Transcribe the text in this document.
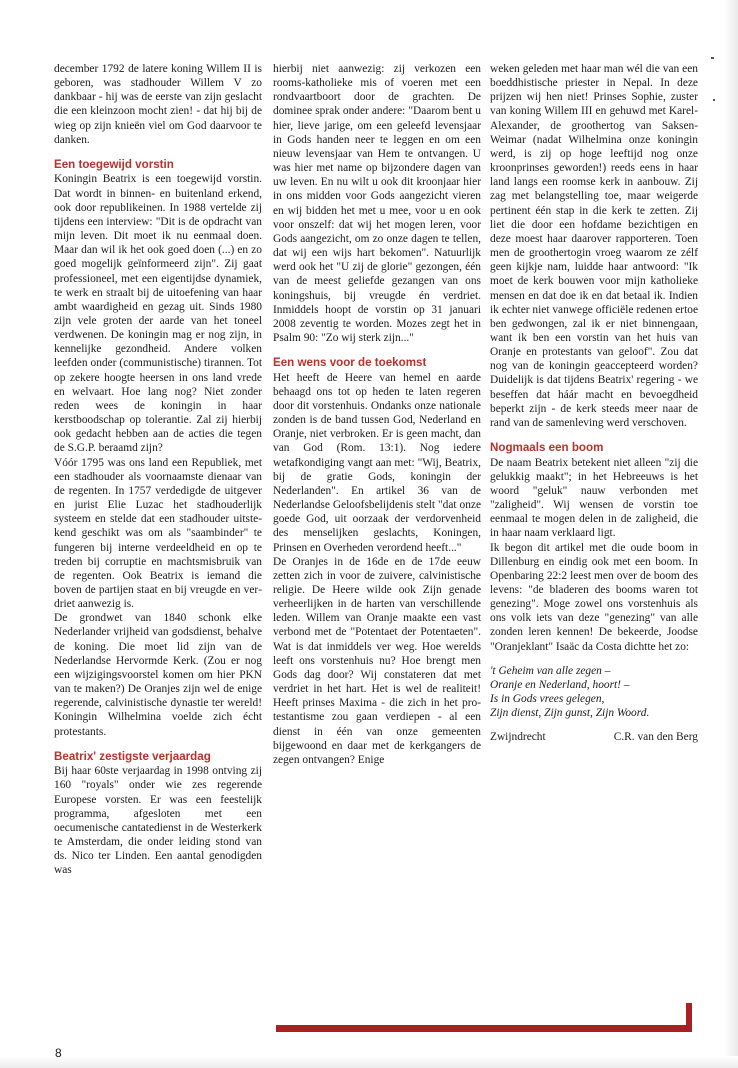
december 1792 de latere koning Willem II is geboren, was stadhouder Willem V zo dankbaar - hij was de eerste van zijn geslacht die een kleinzoon mocht zien! - dat hij bij de wieg op zijn knieën viel om God daarvoor te danken.

Een toegewijd vorstin

Koningin Beatrix is een toegewijd vorstin. Dat wordt in binnen- en buitenland erkend, ook door republikeinen. In 1988 vertelde zij tijdens een interview: "Dit is de opdracht van mijn leven. Dit moet ik nu eenmaal doen. Maar dan wil ik het ook goed doen (...) en zo goed mogelijk geïnformeerd zijn". Zij gaat professioneel, met een eigentijdse dynamiek, te werk en straalt bij de uitoefening van haar ambt waardigheid en gezag uit. Sinds 1980 zijn vele groten der aarde van het toneel verdwenen. De koningin mag er nog zijn, in kennelijke gezondheid. Andere volken leefden onder (communistische) tirannen. Tot op zekere hoogte heersen in ons land vrede en welvaart. Hoe lang nog? Niet zonder reden wees de koningin in haar kerstboodschap op tolerantie. Zal zij hierbij ook gedacht hebben aan de acties die tegen de S.G.P. beraamd zijn?

Vóór 1795 was ons land een Republiek, met een stadhouder als voornaamste dienaar van de regenten. In 1757 verdedigde de uitgever en jurist Elie Luzac het stadhouderlijk systeem en stelde dat een stadhouder uitstekend geschikt was om als "saambinder" te fungeren bij interne verdeeldheid en op te treden bij corruptie en machtsmisbruik van de regenten. Ook Beatrix is iemand die boven de partijen staat en bij vreugde en verdriet aanwezig is.

De grondwet van 1840 schonk elke Nederlander vrijheid van godsdienst, behalve de koning. Die moet lid zijn van de Nederlandse Hervormde Kerk. (Zou er nog een wijzigingsvoorstel komen om hier PKN van te maken?) De Oranjes zijn wel de enige regerende, calvinistische dynastie ter wereld! Koningin Wilhelmina voelde zich écht protestants.

Beatrix' zestigste verjaardag

Bij haar 60ste verjaardag in 1998 ontving zij 160 "royals" onder wie zes regerende Europese vorsten. Er was een feestelijk programma, afgesloten met een oecumenische cantatedienst in de Westerkerk te Amsterdam, die onder leiding stond van ds. Nico ter Linden. Een aantal genodigden was

hierbij niet aanwezig: zij verkozen een rooms-katholieke mis of voeren met een rondvaartboort door de grachten. De dominee sprak onder andere: "Daarom bent u hier, lieve jarige, om een geleefd levensjaar in Gods handen neer te leggen en om een nieuw levensjaar van Hem te ontvangen. U was hier met name op bijzondere dagen van uw leven. En nu wilt u ook dit kroonjaar hier in ons midden voor Gods aangezicht vieren en wij bidden het met u mee, voor u en ook voor onszelf: dat wij het mogen leren, voor Gods aangezicht, om zo onze dagen te tellen, dat wij een wijs hart bekomen". Natuurlijk werd ook het "U zij de glorie" gezongen, één van de meest geliefde gezangen van ons koningshuis, bij vreugde én verdriet. Inmiddels hoopt de vorstin op 31 januari 2008 zeventig te worden. Mozes zegt het in Psalm 90: "Zo wij sterk zijn..."

Een wens voor de toekomst

Het heeft de Heere van hemel en aarde behaagd ons tot op heden te laten regeren door dit vorstenhuis. Ondanks onze nationale zonden is de band tussen God, Nederland en Oranje, niet verbroken. Er is geen macht, dan van God (Rom. 13:1). Nog iedere wetafkondiging vangt aan met: "Wij, Beatrix, bij de gratie Gods, koningin der Nederlanden". En artikel 36 van de Nederlandse Geloofsbelijdenis stelt "dat onze goede God, uit oorzaak der verdorvenheid des menselijken geslachts, Koningen, Prinsen en Overheden verordend heeft..."

De Oranjes in de 16de en de 17de eeuw zetten zich in voor de zuivere, calvinistische religie. De Heere wilde ook Zijn genade verheerlijken in de harten van verschillende leden. Willem van Oranje maakte een vast verbond met de "Potentaet der Potentaeten". Wat is dat inmiddels ver weg. Hoe werelds leeft ons vorstenhuis nu? Hoe brengt men Gods dag door? Wij constateren dat met verdriet in het hart. Het is wel de realiteit! Heeft prinses Maxima - die zich in het protestantisme zou gaan verdiepen - al een dienst in één van onze gemeenten bijgewoond en daar met de kerkgangers de zegen ontvangen? Enige

weken geleden met haar man wél die van een boeddhistische priester in Nepal. In deze prijzen wij hen niet! Prinses Sophie, zuster van koning Willem III en gehuwd met Karel-Alexander, de groothertog van Saksen-Weimar (nadat Wilhelmina onze koningin werd, is zij op hoge leeftijd nog onze kroonprinses geworden!) reeds eens in haar land langs een roomse kerk in aanbouw. Zij zag met belangstelling toe, maar weigerde pertinent één stap in die kerk te zetten. Zij liet die door een hofdame bezichtigen en deze moest haar daarover rapporteren. Toen men de groothertogin vroeg waarom ze zélf geen kijkje nam, luidde haar antwoord: "Ik moet de kerk bouwen voor mijn katholieke mensen en dat doe ik en dat betaal ik. Indien ik echter niet vanwege officiële redenen ertoe ben gedwongen, zal ik er niet binnengaan, want ik ben een vorstin van het huis van Oranje en protestants van geloof". Zou dat nog van de koningin geaccepteerd worden? Duidelijk is dat tijdens Beatrix' regering - we beseffen dat háár macht en bevoegdheid beperkt zijn - de kerk steeds meer naar de rand van de samenleving werd verschoven.

Nogmaals een boom

De naam Beatrix betekent niet alleen "zij die gelukkig maakt"; in het Hebreeuws is het woord "geluk" nauw verbonden met "zaligheid". Wij wensen de vorstin toe eenmaal te mogen delen in de zaligheid, die in haar naam verklaard ligt.

Ik begon dit artikel met die oude boom in Dillenburg en eindig ook met een boom. In Openbaring 22:2 leest men over de boom des levens: "de bladeren des booms waren tot genezing". Moge zowel ons vorstenhuis als ons volk iets van deze "genezing" van alle zonden leren kennen! De bekeerde, Joodse "Oranjeklant" Isaäc da Costa dichtte het zo:

't Geheim van alle zegen –
Oranje en Nederland, hoort! –
Is in Gods vrees gelegen,
Zijn dienst, Zijn gunst, Zijn Woord.
Zwijndrecht	C.R. van den Berg
8
